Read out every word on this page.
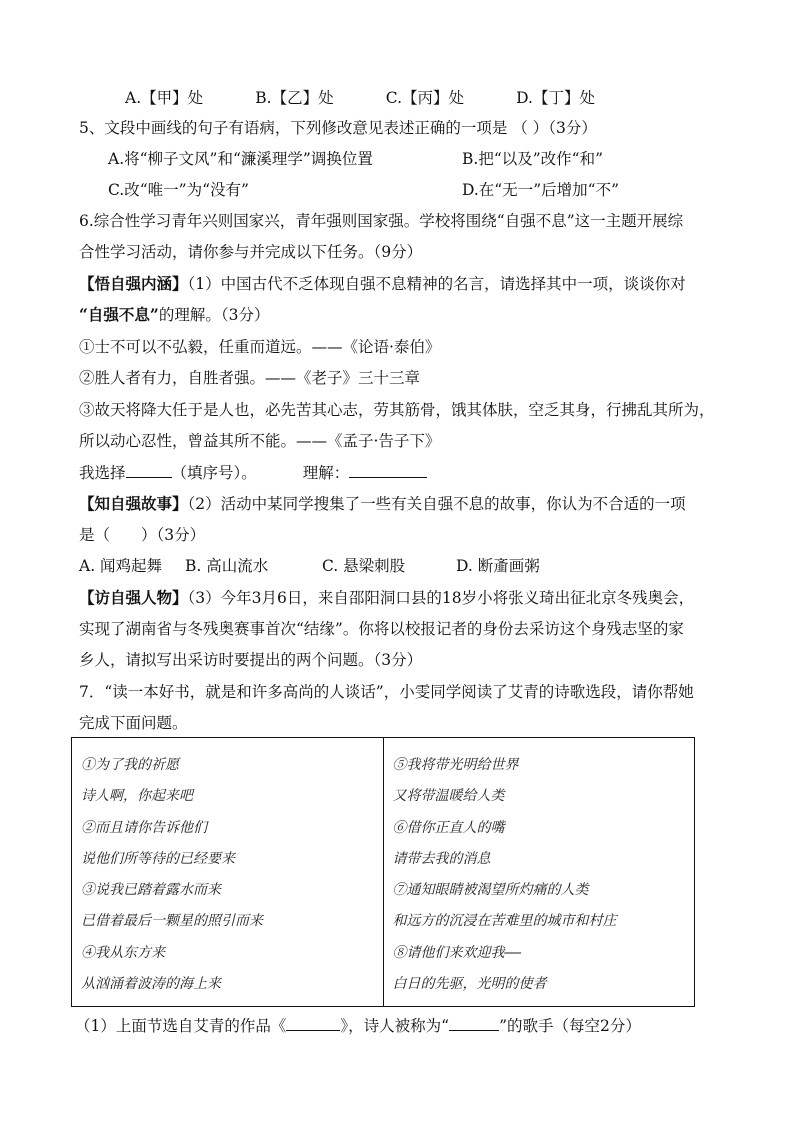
A.【甲】处	B.【乙】处	C.【丙】处	D.【丁】处
5、文段中画线的句子有语病，下列修改意见表述正确的一项是 （ ）（3分）
A.将“柳子文风”和“濂溪理学”调换位置	B.把“以及”改作“和”
C.改“唯一”为“没有”	D.在“无一”后增加“不”
6.综合性学习青年兴则国家兴，青年强则国家强。学校将围绕“自强不息”这一主题开展综
合性学习活动，请你参与并完成以下任务。（9分）
【悟自强内涵】（1）中国古代不乏体现自强不息精神的名言，请选择其中一项，谈谈你对
“自强不息”的理解。（3分）
①士不可以不弘毅，任重而道远。——《论语·泰伯》
②胜人者有力，自胜者强。——《老子》三十三章
③故天将降大任于是人也，必先苦其心志，劳其筋骨，饿其体肤，空乏其身，行拂乱其所为，
所以动心忍性，曾益其所不能。——《孟子·告子下》
我选择	（填序号）。	理解：
【知自强故事】（2）活动中某同学搜集了一些有关自强不息的故事，你认为不合适的一项
是（　　）（3分）
A. 闻鸡起舞 B. 高山流水	C. 悬梁刺股	D. 断齑画粥
【访自强人物】（3）今年3月6日，来自邵阳洞口县的18岁小将张义琦出征北京冬残奥会，
实现了湖南省与冬残奥赛事首次“结缘”。你将以校报记者的身份去采访这个身残志坚的家
乡人，请拟写出采访时要提出的两个问题。（3分）
7．“读一本好书，就是和许多高尚的人谈话”，小雯同学阅读了艾青的诗歌选段，请你帮她
完成下面问题。
①为了我的祈愿
诗人啊，你起来吧
②而且请你告诉他们
说他们所等待的已经要来
③说我已踏着露水而来
已借着最后一颗星的照引而来
④我从东方来
从汹涌着波涛的海上来

⑤我将带光明给世界
又将带温暖给人类
⑥借你正直人的嘴
请带去我的消息
⑦通知眼睛被渴望所灼痛的人类
和远方的沉浸在苦难里的城市和村庄
⑧请他们来欢迎我——
白日的先驱，光明的使者
（1）上面节选自艾青的作品《	》，诗人被称为“	”的歌手（每空2分）
